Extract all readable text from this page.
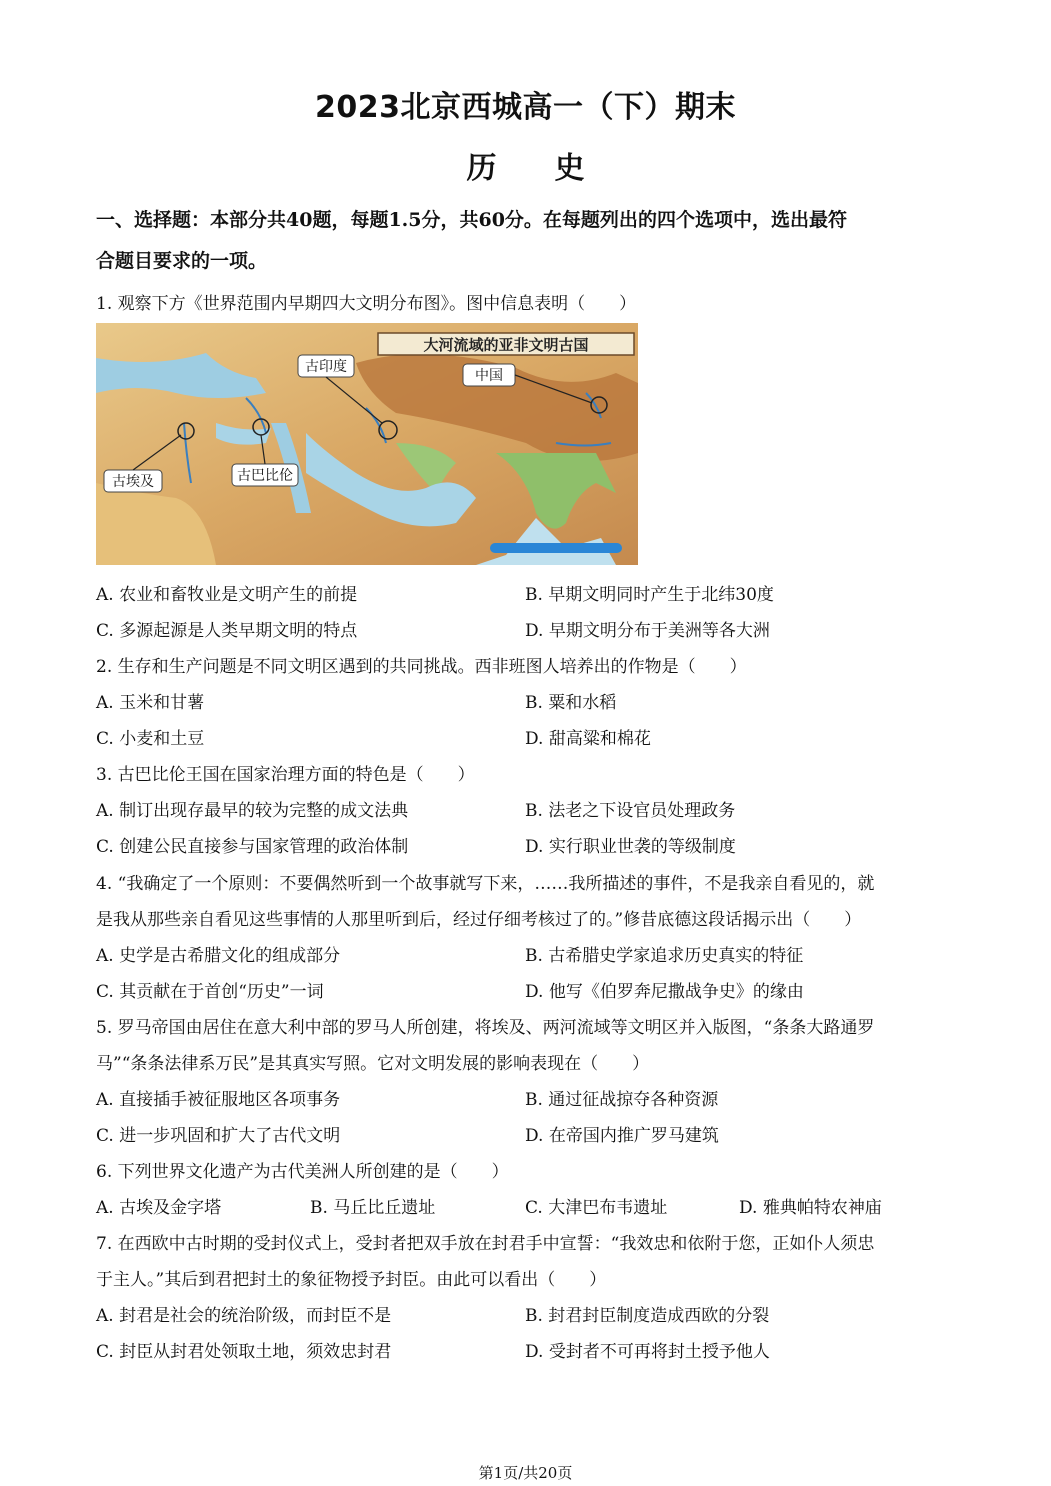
2023北京西城高一（下）期末
历史
一、选择题：本部分共40题，每题1.5分，共60分。在每题列出的四个选项中，选出最符
合题目要求的一项。
1. 观察下方《世界范围内早期四大文明分布图》。图中信息表明（　　）
大河流域的亚非文明古国
古印度
中国
古埃及	古巴比伦
A. 农业和畜牧业是文明产生的前提	B. 早期文明同时产生于北纬30度
C. 多源起源是人类早期文明的特点	D. 早期文明分布于美洲等各大洲
2. 生存和生产问题是不同文明区遇到的共同挑战。西非班图人培养出的作物是（　　）
A. 玉米和甘薯	B. 粟和水稻
C. 小麦和土豆	D. 甜高粱和棉花
3. 古巴比伦王国在国家治理方面的特色是（　　）
A. 制订出现存最早的较为完整的成文法典	B. 法老之下设官员处理政务
C. 创建公民直接参与国家管理的政治体制	D. 实行职业世袭的等级制度
4. “我确定了一个原则：不要偶然听到一个故事就写下来，……我所描述的事件，不是我亲自看见的，就
是我从那些亲自看见这些事情的人那里听到后，经过仔细考核过了的。”修昔底德这段话揭示出（　　）
A. 史学是古希腊文化的组成部分	B. 古希腊史学家追求历史真实的特征
C. 其贡献在于首创“历史”一词	D. 他写《伯罗奔尼撒战争史》的缘由
5. 罗马帝国由居住在意大利中部的罗马人所创建，将埃及、两河流域等文明区并入版图，“条条大路通罗
马”“条条法律系万民”是其真实写照。它对文明发展的影响表现在（　　）
A. 直接插手被征服地区各项事务	B. 通过征战掠夺各种资源
C. 进一步巩固和扩大了古代文明	D. 在帝国内推广罗马建筑
6. 下列世界文化遗产为古代美洲人所创建的是（　　）
A. 古埃及金字塔	B. 马丘比丘遗址	C. 大津巴布韦遗址	D. 雅典帕特农神庙
7. 在西欧中古时期的受封仪式上，受封者把双手放在封君手中宣誓：“我效忠和依附于您，正如仆人须忠
于主人。”其后到君把封土的象征物授予封臣。由此可以看出（　　）
A. 封君是社会的统治阶级，而封臣不是	B. 封君封臣制度造成西欧的分裂
C. 封臣从封君处领取土地，须效忠封君	D. 受封者不可再将封土授予他人
第1页/共20页
